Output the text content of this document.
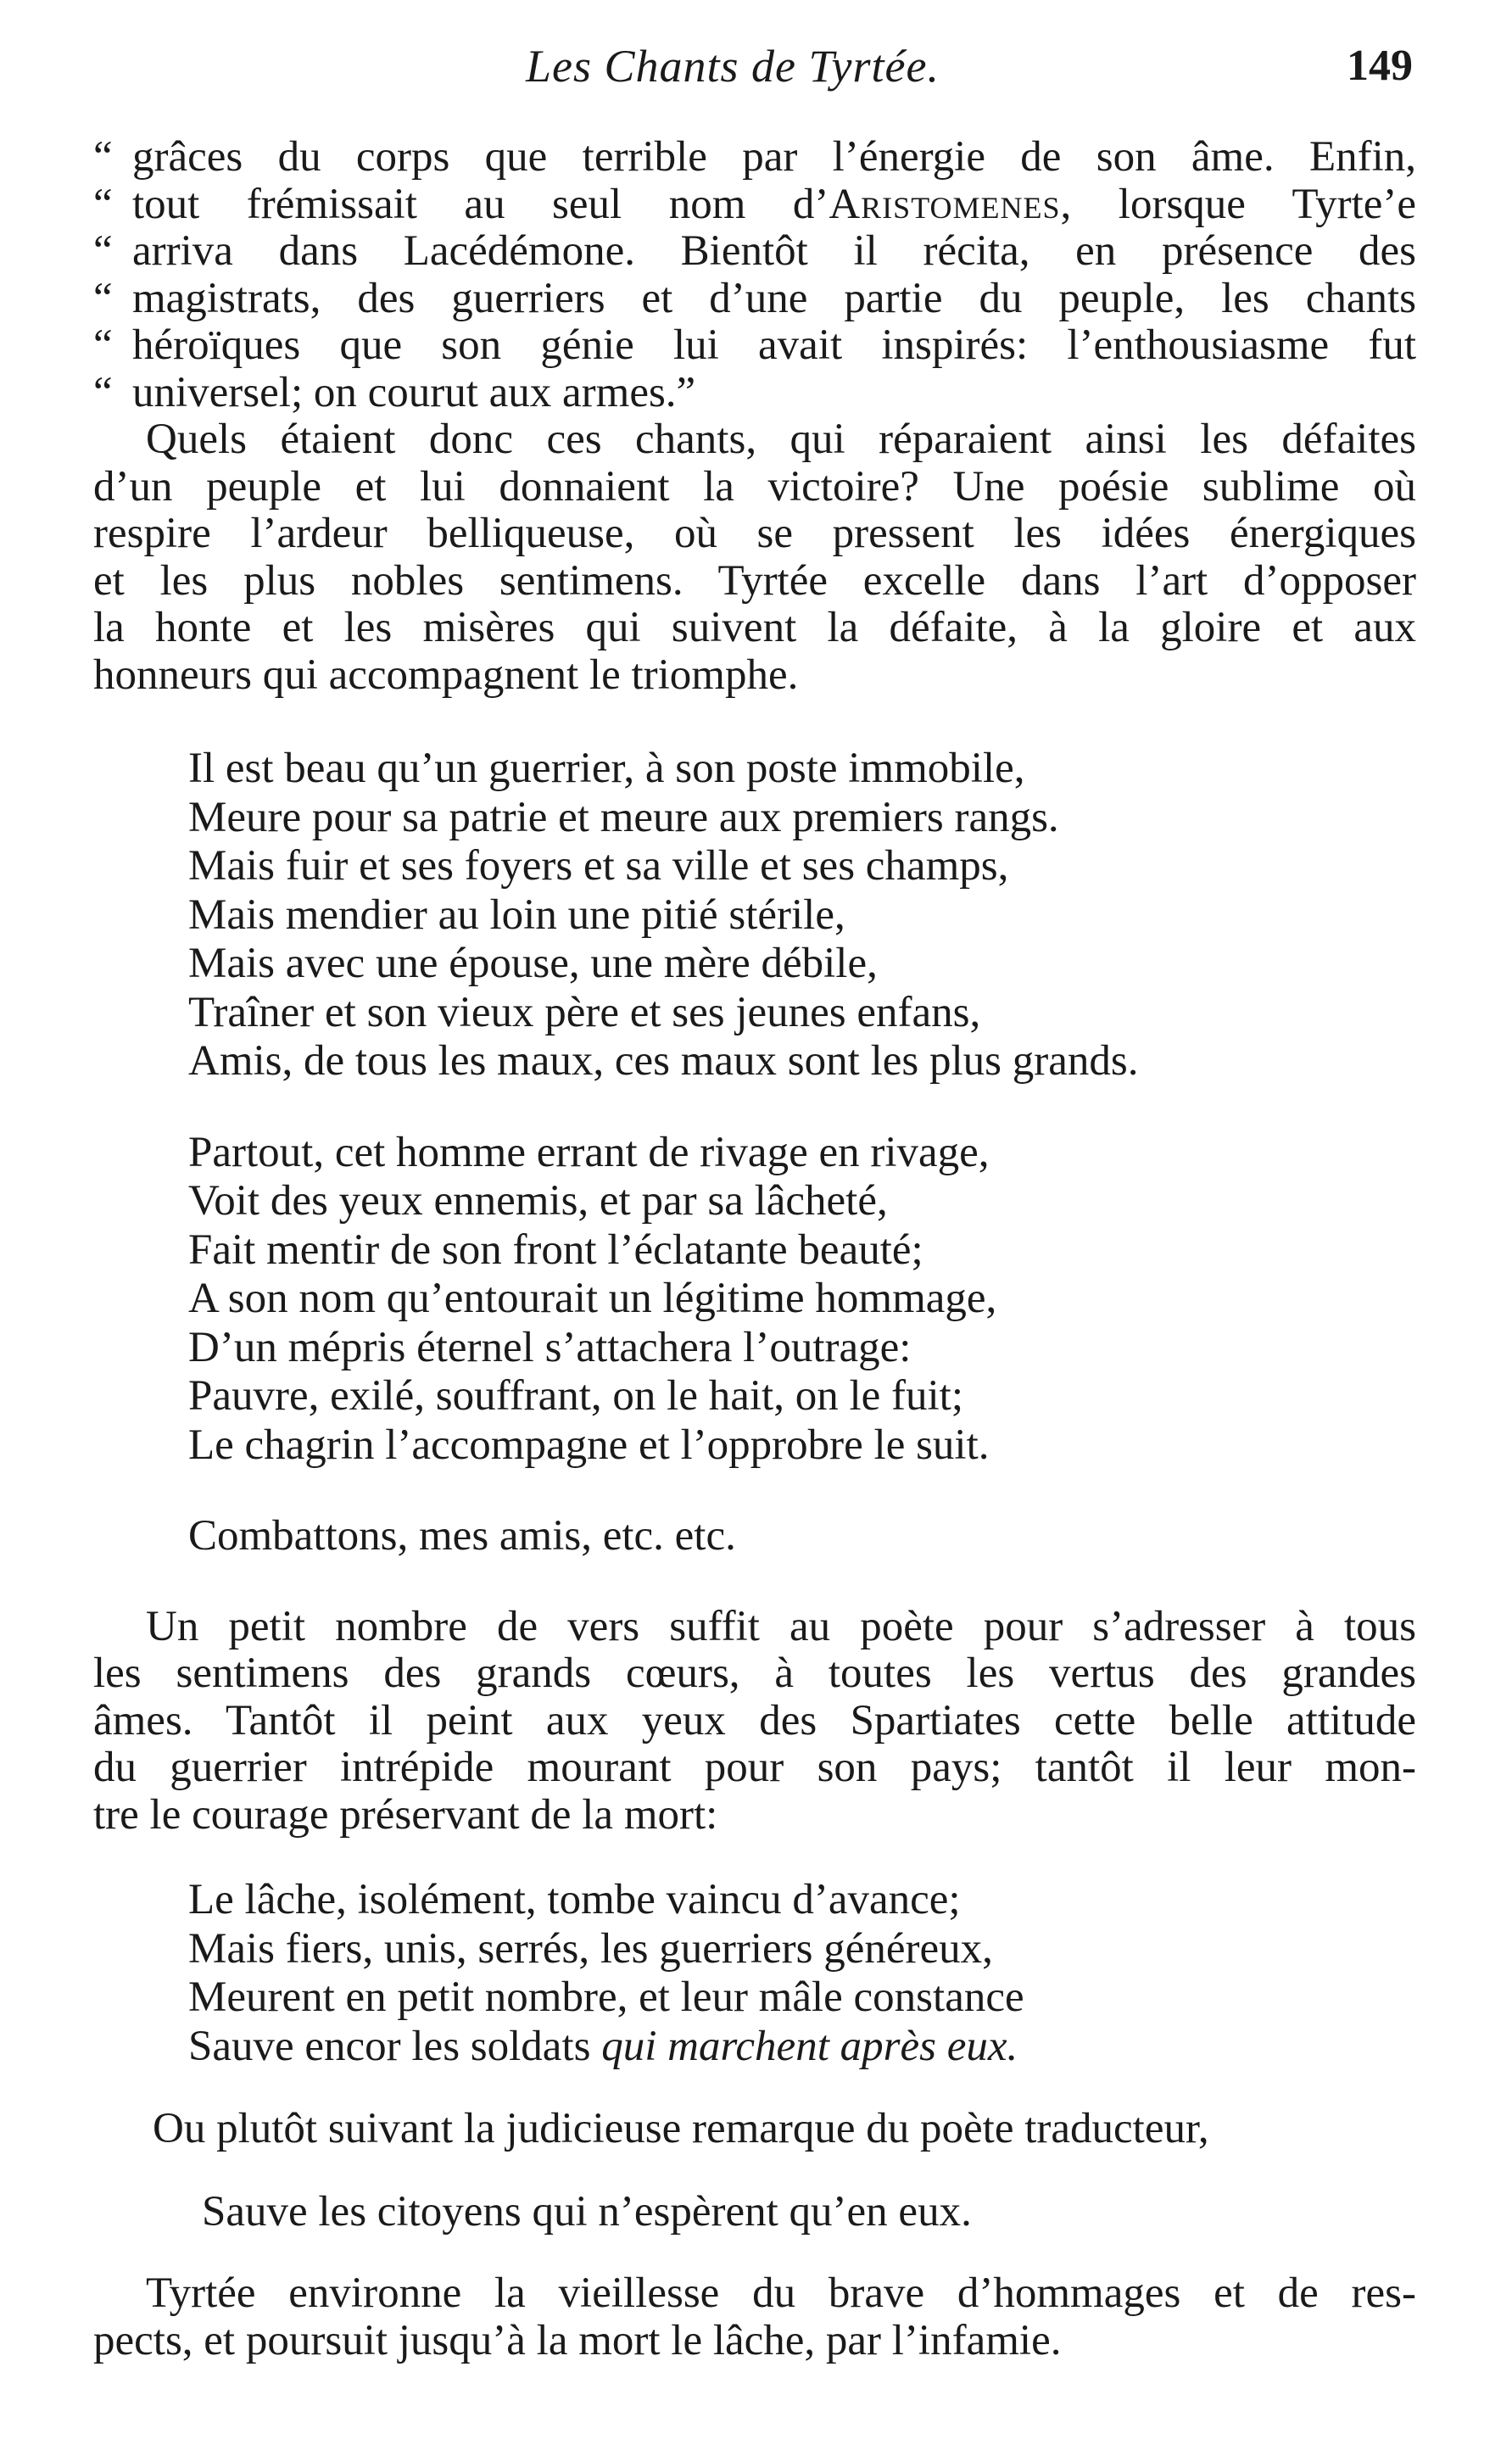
Les Chants de Tyrtée.	149
“ grâces du corps que terrible par l’énergie de son âme. Enfin,
“ tout frémissait au seul nom d’Aristomenes, lorsque Tyrte’e
“ arriva dans Lacédémone. Bientôt il récita, en présence des
“ magistrats, des guerriers et d’une partie du peuple, les chants
“ héroïques que son génie lui avait inspirés: l’enthousiasme fut
“ universel; on courut aux armes.”
Quels étaient donc ces chants, qui réparaient ainsi les défaites
d’un peuple et lui donnaient la victoire? Une poésie sublime où
respire l’ardeur belliqueuse, où se pressent les idées énergiques
et les plus nobles sentimens. Tyrtée excelle dans l’art d’opposer
la honte et les misères qui suivent la défaite, à la gloire et aux
honneurs qui accompagnent le triomphe.
Il est beau qu’un guerrier, à son poste immobile,
Meure pour sa patrie et meure aux premiers rangs.
Mais fuir et ses foyers et sa ville et ses champs,
Mais mendier au loin une pitié stérile,
Mais avec une épouse, une mère débile,
Traîner et son vieux père et ses jeunes enfans,
Amis, de tous les maux, ces maux sont les plus grands.
Partout, cet homme errant de rivage en rivage,
Voit des yeux ennemis, et par sa lâcheté,
Fait mentir de son front l’éclatante beauté;
A son nom qu’entourait un légitime hommage,
D’un mépris éternel s’attachera l’outrage:
Pauvre, exilé, souffrant, on le hait, on le fuit;
Le chagrin l’accompagne et l’opprobre le suit.
Combattons, mes amis, etc. etc.
Un petit nombre de vers suffit au poète pour s’adresser à tous
les sentimens des grands cœurs, à toutes les vertus des grandes
âmes. Tantôt il peint aux yeux des Spartiates cette belle attitude
du guerrier intrépide mourant pour son pays; tantôt il leur mon-
tre le courage préservant de la mort:
Le lâche, isolément, tombe vaincu d’avance;
Mais fiers, unis, serrés, les guerriers généreux,
Meurent en petit nombre, et leur mâle constance
Sauve encor les soldats qui marchent après eux.
Ou plutôt suivant la judicieuse remarque du poète traducteur,
Sauve les citoyens qui n’espèrent qu’en eux.
Tyrtée environne la vieillesse du brave d’hommages et de res-
pects, et poursuit jusqu’à la mort le lâche, par l’infamie.
